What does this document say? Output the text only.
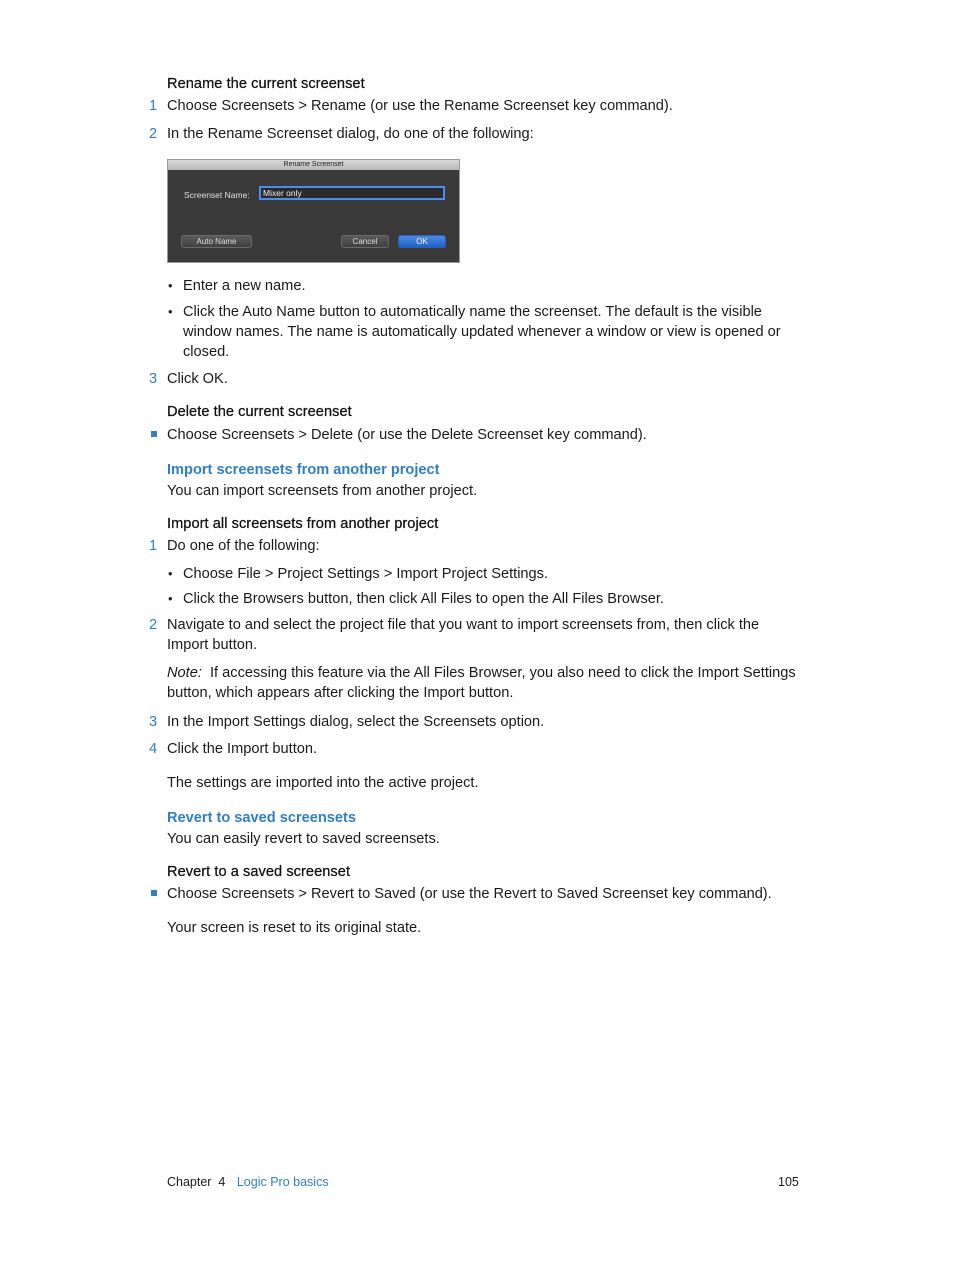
Rename the current screenset
1 Choose Screensets > Rename (or use the Rename Screenset key command).
2 In the Rename Screenset dialog, do one of the following:
Rename Screenset
Screenset Name:	Mixer only
Auto Name	Cancel	OK
• Enter a new name.
• Click the Auto Name button to automatically name the screenset. The default is the visible window names. The name is automatically updated whenever a window or view is opened or closed.
3 Click OK.
Delete the current screenset
Choose Screensets > Delete (or use the Delete Screenset key command).
Import screensets from another project
You can import screensets from another project.
Import all screensets from another project
1 Do one of the following:
• Choose File > Project Settings > Import Project Settings.
• Click the Browsers button, then click All Files to open the All Files Browser.
2 Navigate to and select the project file that you want to import screensets from, then click the Import button.
Note: If accessing this feature via the All Files Browser, you also need to click the Import Settings button, which appears after clicking the Import button.
3 In the Import Settings dialog, select the Screensets option.
4 Click the Import button.
The settings are imported into the active project.
Revert to saved screensets
You can easily revert to saved screensets.
Revert to a saved screenset
Choose Screensets > Revert to Saved (or use the Revert to Saved Screenset key command).
Your screen is reset to its original state.
Chapter  4 Logic Pro basics	105
